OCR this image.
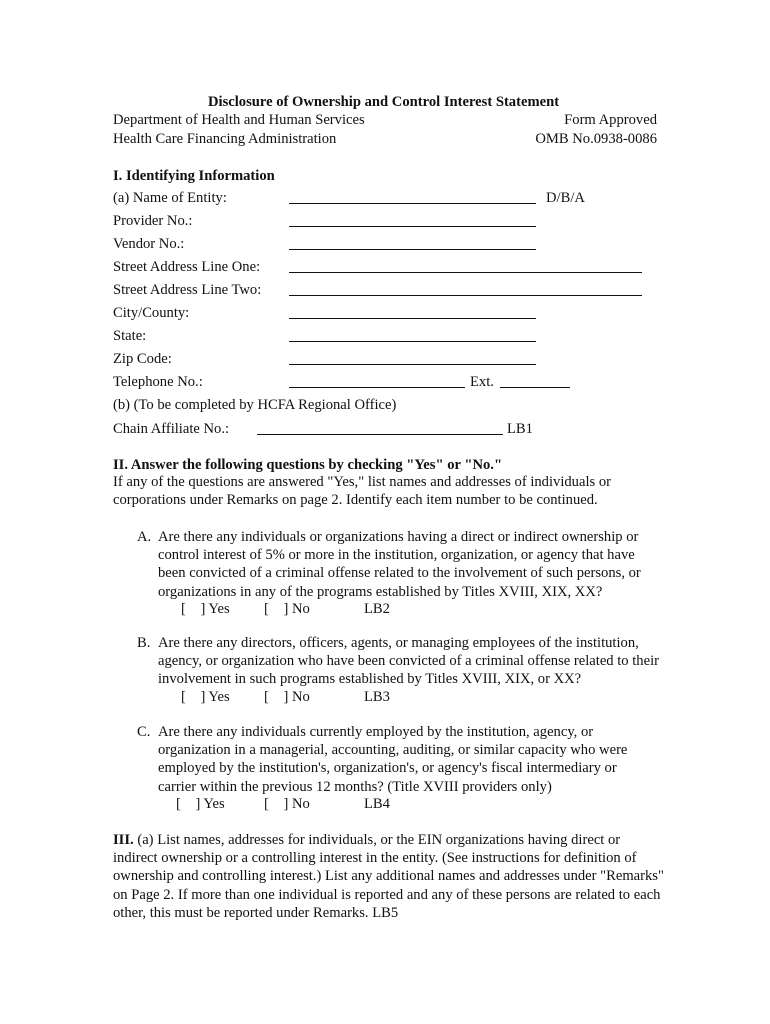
Disclosure of Ownership and Control Interest Statement
Department of Health and Human Services	Form Approved
Health Care Financing Administration	OMB No.0938-0086
I. Identifying Information
(a) Name of Entity:	D/B/A
Provider No.:
Vendor No.:
Street Address Line One:
Street Address Line Two:
City/County:
State:
Zip Code:
Telephone No.:	Ext.
(b) (To be completed by HCFA Regional Office)
Chain Affiliate No.:	LB1
II. Answer the following questions by checking "Yes" or "No."
If any of the questions are answered "Yes," list names and addresses of individuals or corporations under Remarks on page 2. Identify each item number to be continued.
A. Are there any individuals or organizations having a direct or indirect ownership or control interest of 5% or more in the institution, organization, or agency that have been convicted of a criminal offense related to the involvement of such persons, or organizations in any of the programs established by Titles XVIII, XIX, XX?
[    ] Yes [    ] No	LB2
B. Are there any directors, officers, agents, or managing employees of the institution, agency, or organization who have been convicted of a criminal offense related to their involvement in such programs established by Titles XVIII, XIX, or XX?
[    ] Yes [    ] No	LB3
C. Are there any individuals currently employed by the institution, agency, or organization in a managerial, accounting, auditing, or similar capacity who were employed by the institution's, organization's, or agency's fiscal intermediary or carrier within the previous 12 months? (Title XVIII providers only)
[    ] Yes	[    ] No	LB4
III. (a) List names, addresses for individuals, or the EIN organizations having direct or indirect ownership or a controlling interest in the entity. (See instructions for definition of ownership and controlling interest.) List any additional names and addresses under "Remarks" on Page 2. If more than one individual is reported and any of these persons are related to each other, this must be reported under Remarks. LB5
